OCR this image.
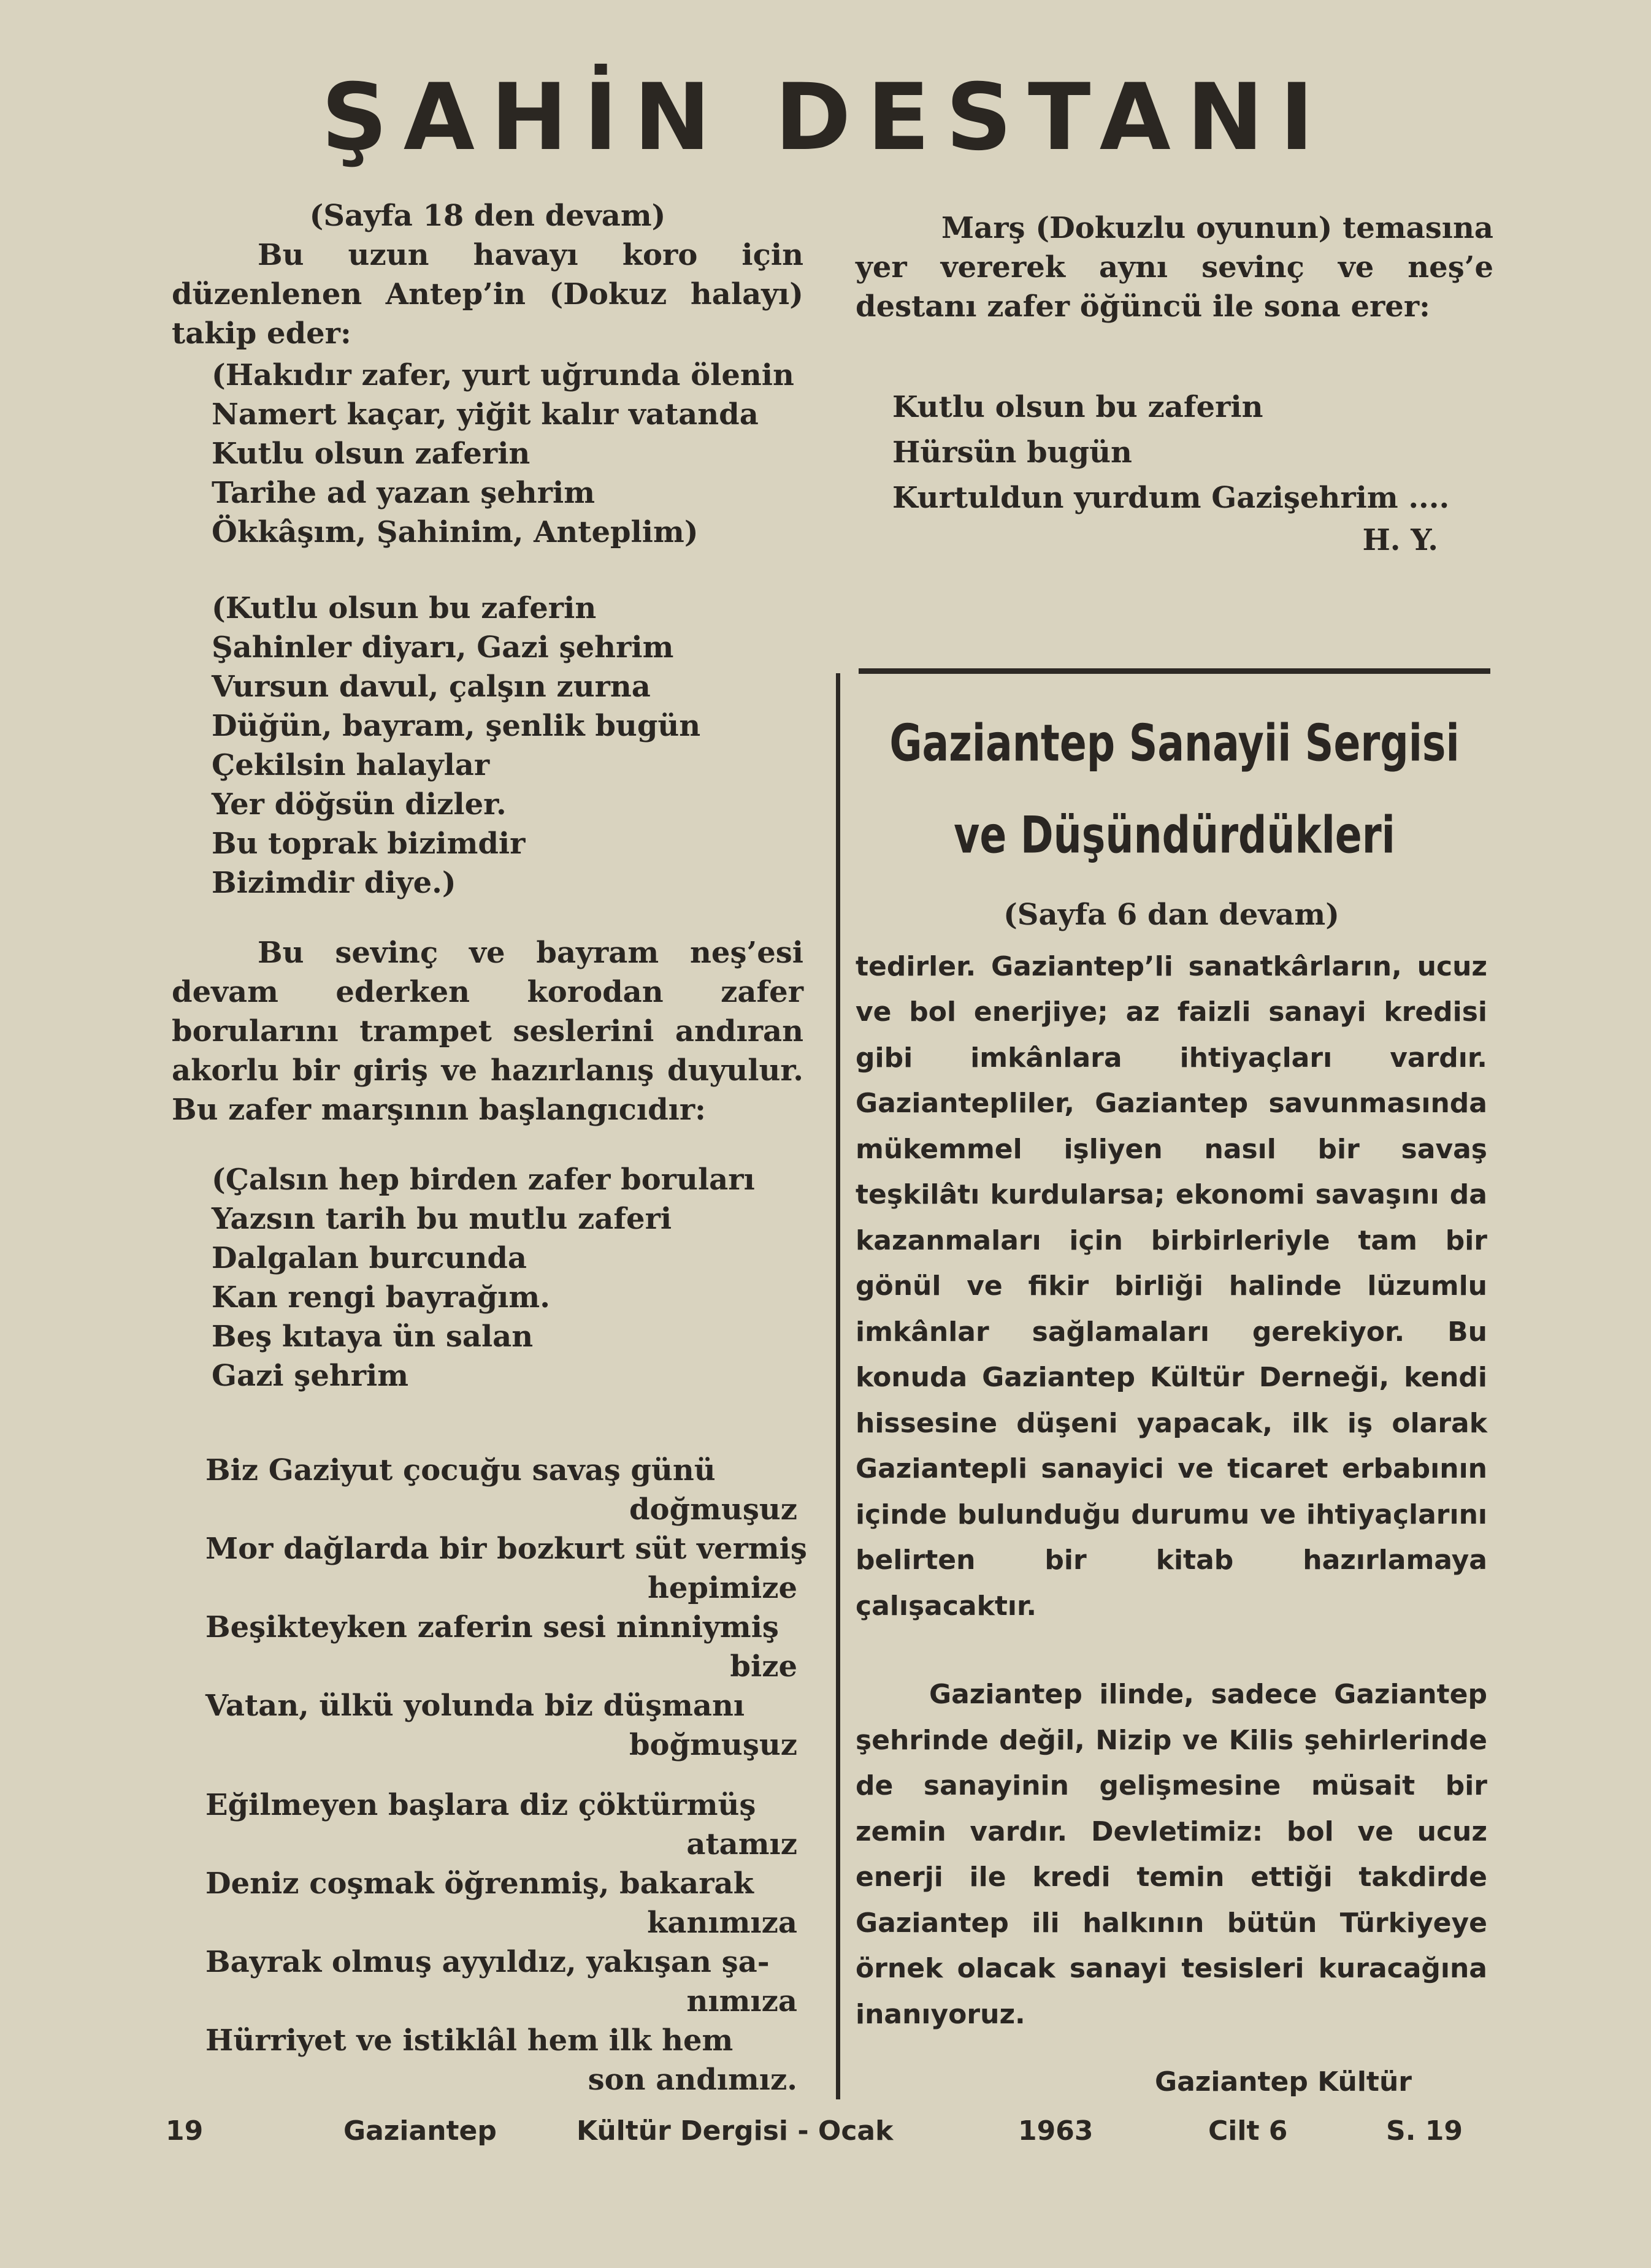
ŞAHİN DESTANI

(Sayfa 18 den devam)

Bu uzun havayı koro için düzenlenen Antep’in (Dokuz halayı) takip eder:

(Hakıdır zafer, yurt uğrunda ölenin
Namert kaçar, yiğit kalır vatanda
Kutlu olsun zaferin
Tarihe ad yazan şehrim
Ökkâşım, Şahinim, Anteplim)
(Kutlu olsun bu zaferin
Şahinler diyarı, Gazi şehrim
Vursun davul, çalşın zurna
Düğün, bayram, şenlik bugün
Çekilsin halaylar
Yer döğsün dizler.
Bu toprak bizimdir
Bizimdir diye.)

Bu sevinç ve bayram neş’esi devam ederken korodan zafer borularını trampet seslerini andıran akorlu bir giriş ve hazırlanış duyulur. Bu zafer marşının başlangıcıdır:

(Çalsın hep birden zafer boruları
Yazsın tarih bu mutlu zaferi
Dalgalan burcunda
Kan rengi bayrağım.
Beş kıtaya ün salan
Gazi şehrim
Biz Gaziyut çocuğu savaş günü
doğmuşuz
Mor dağlarda bir bozkurt süt vermiş
hepimize
Beşikteyken zaferin sesi ninniymiş
bize
Vatan, ülkü yolunda biz düşmanı
boğmuşuz
Eğilmeyen başlara diz çöktürmüş
atamız
Deniz coşmak öğrenmiş, bakarak
kanımıza
Bayrak olmuş ayyıldız, yakışan şa-
nımıza
Hürriyet ve istiklâl hem ilk hem
son andımız.

Marş (Dokuzlu oyunun) temasına yer vererek aynı sevinç ve neş’e destanı zafer öğüncü ile sona erer:

Kutlu olsun bu zaferin
Hürsün bugün
Kurtuldun yurdum Gazişehrim ....

H. Y.

Gaziantep Sanayii Sergisi
ve Düşündürdükleri

(Sayfa 6 dan devam)

tedirler. Gaziantep’li sanatkârların, ucuz ve bol enerjiye; az faizli sanayi kredisi gibi imkânlara ihtiyaçları vardır. Gaziantepliler, Gaziantep savunmasında mükemmel işliyen nasıl bir savaş teşkilâtı kurdularsa; ekonomi savaşını da kazanmaları için birbirleriyle tam bir gönül ve fikir birliği halinde lüzumlu imkânlar sağlamaları gerekiyor. Bu konuda Gaziantep Kültür Derneği, kendi hissesine düşeni yapacak, ilk iş olarak Gaziantepli sanayici ve ticaret erbabının içinde bulunduğu durumu ve ihtiyaçlarını belirten bir kitab hazırlamaya çalışacaktır.

Gaziantep ilinde, sadece Gaziantep şehrinde değil, Nizip ve Kilis şehirlerinde de sanayinin gelişmesine müsait bir zemin vardır. Devletimiz: bol ve ucuz enerji ile kredi temin ettiği takdirde Gaziantep ili halkının bütün Türkiyeye örnek olacak sanayi tesisleri kuracağına inanıyoruz.

Gaziantep Kültür
19	Gaziantep	Kültür Dergisi - Ocak	1963	Cilt 6	S. 19
